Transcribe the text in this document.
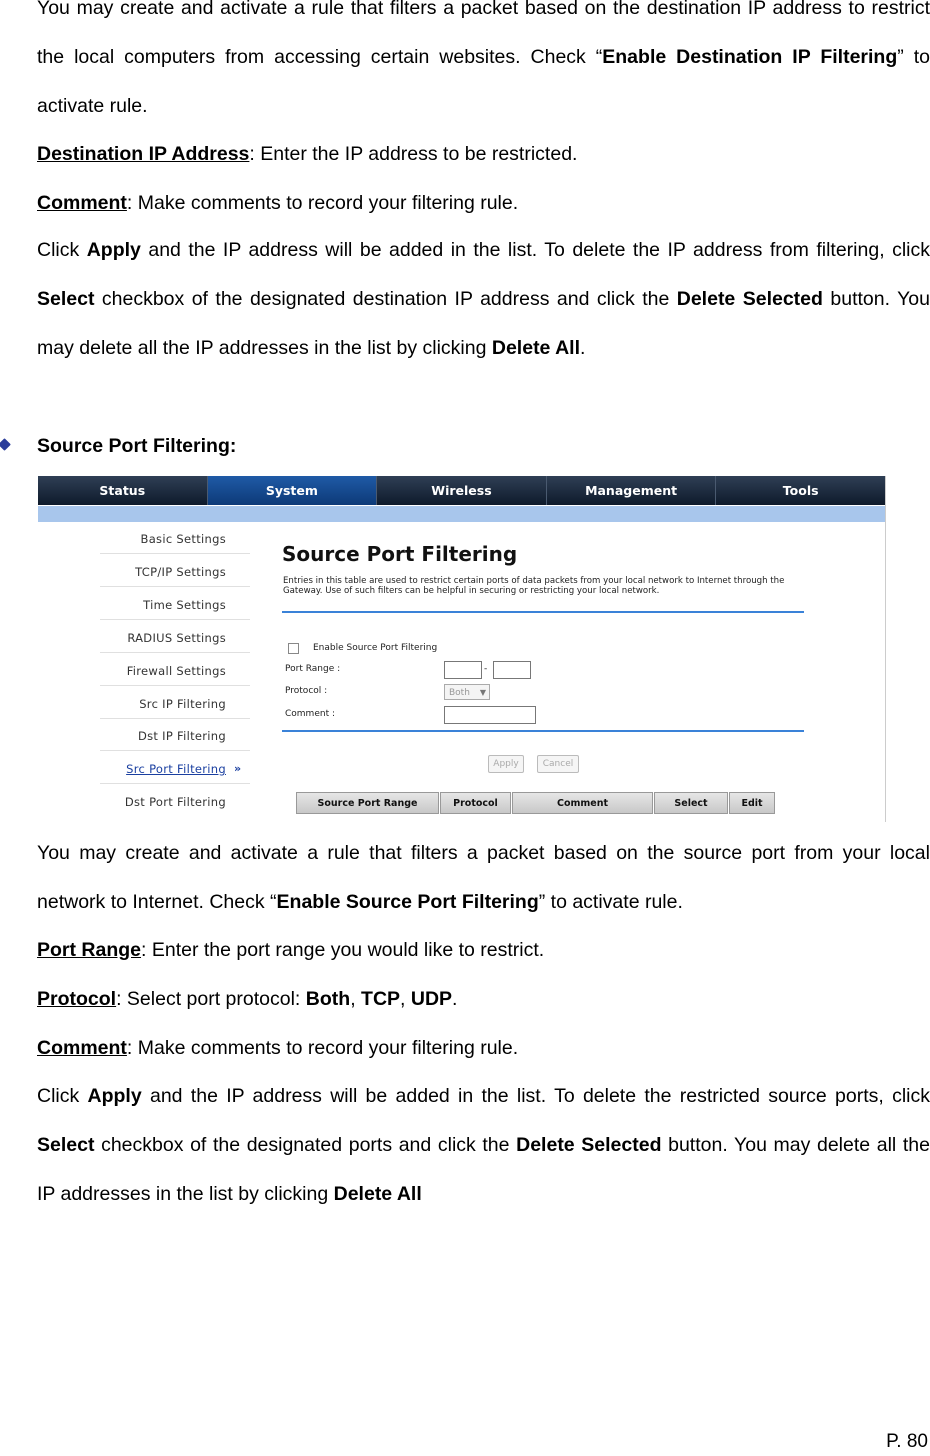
You may create and activate a rule that filters a packet based on the destination IP address to restrict the local computers from accessing certain websites. Check “Enable Destination IP Filtering” to activate rule.
Destination IP Address: Enter the IP address to be restricted.
Comment: Make comments to record your filtering rule.
Click Apply and the IP address will be added in the list. To delete the IP address from filtering, click Select checkbox of the designated destination IP address and click the Delete Selected button. You may delete all the IP addresses in the list by clicking Delete All.
Source Port Filtering:
Status	System	Wireless	Management	Tools
Basic Settings
TCP/IP Settings
Time Settings
RADIUS Settings
Firewall Settings
Src IP Filtering
Dst IP Filtering
Src Port Filtering »
Dst Port Filtering
Source Port Filtering
Entries in this table are used to restrict certain ports of data packets from your local network to Internet through the Gateway. Use of such filters can be helpful in securing or restricting your local network.
Enable Source Port Filtering
Port Range :	-
Protocol :	Both ▼
Comment :
Apply	Cancel
Source Port Range	Protocol	Comment	Select	Edit
You may create and activate a rule that filters a packet based on the source port from your local network to Internet. Check “Enable Source Port Filtering” to activate rule.
Port Range: Enter the port range you would like to restrict.
Protocol: Select port protocol: Both, TCP, UDP.
Comment: Make comments to record your filtering rule.
Click Apply and the IP address will be added in the list. To delete the restricted source ports, click Select checkbox of the designated ports and click the Delete Selected button. You may delete all the IP addresses in the list by clicking Delete All
P. 80
